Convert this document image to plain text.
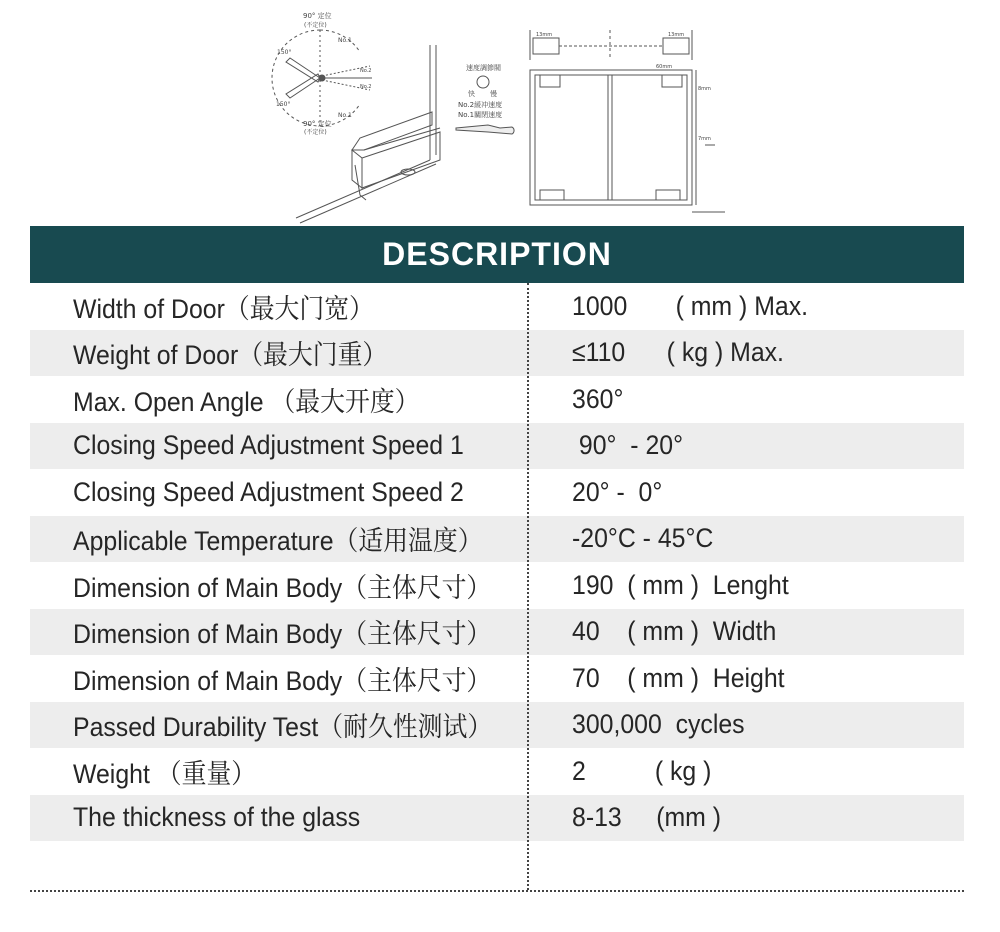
90° 定位
(不定位)
90° 定位
(不定位)
150°
150°
No.1
No.2
No.2
No.1
速度調節閥
快 慢
No.2緩冲速度
No.1關閉速度
13mm	13mm
60mm
8mm
7mm
DESCRIPTION
Width of Door（最大门宽）	1000       ( mm ) Max.
Weight of Door（最大门重）	≤110      ( kg ) Max.
Max. Open Angle （最大开度）	360°
Closing Speed Adjustment Speed 1	90°  - 20°
Closing Speed Adjustment Speed 2	20° -  0°
Applicable Temperature（适用温度）	-20°C - 45°C
Dimension of Main Body（主体尺寸）	190  ( mm )  Lenght
Dimension of Main Body（主体尺寸）	40    ( mm )  Width
Dimension of Main Body（主体尺寸）	70    ( mm )  Height
Passed Durability Test（耐久性测试）	300,000  cycles
Weight （重量）	2          ( kg )
The thickness of the glass	8-13     (mm )
